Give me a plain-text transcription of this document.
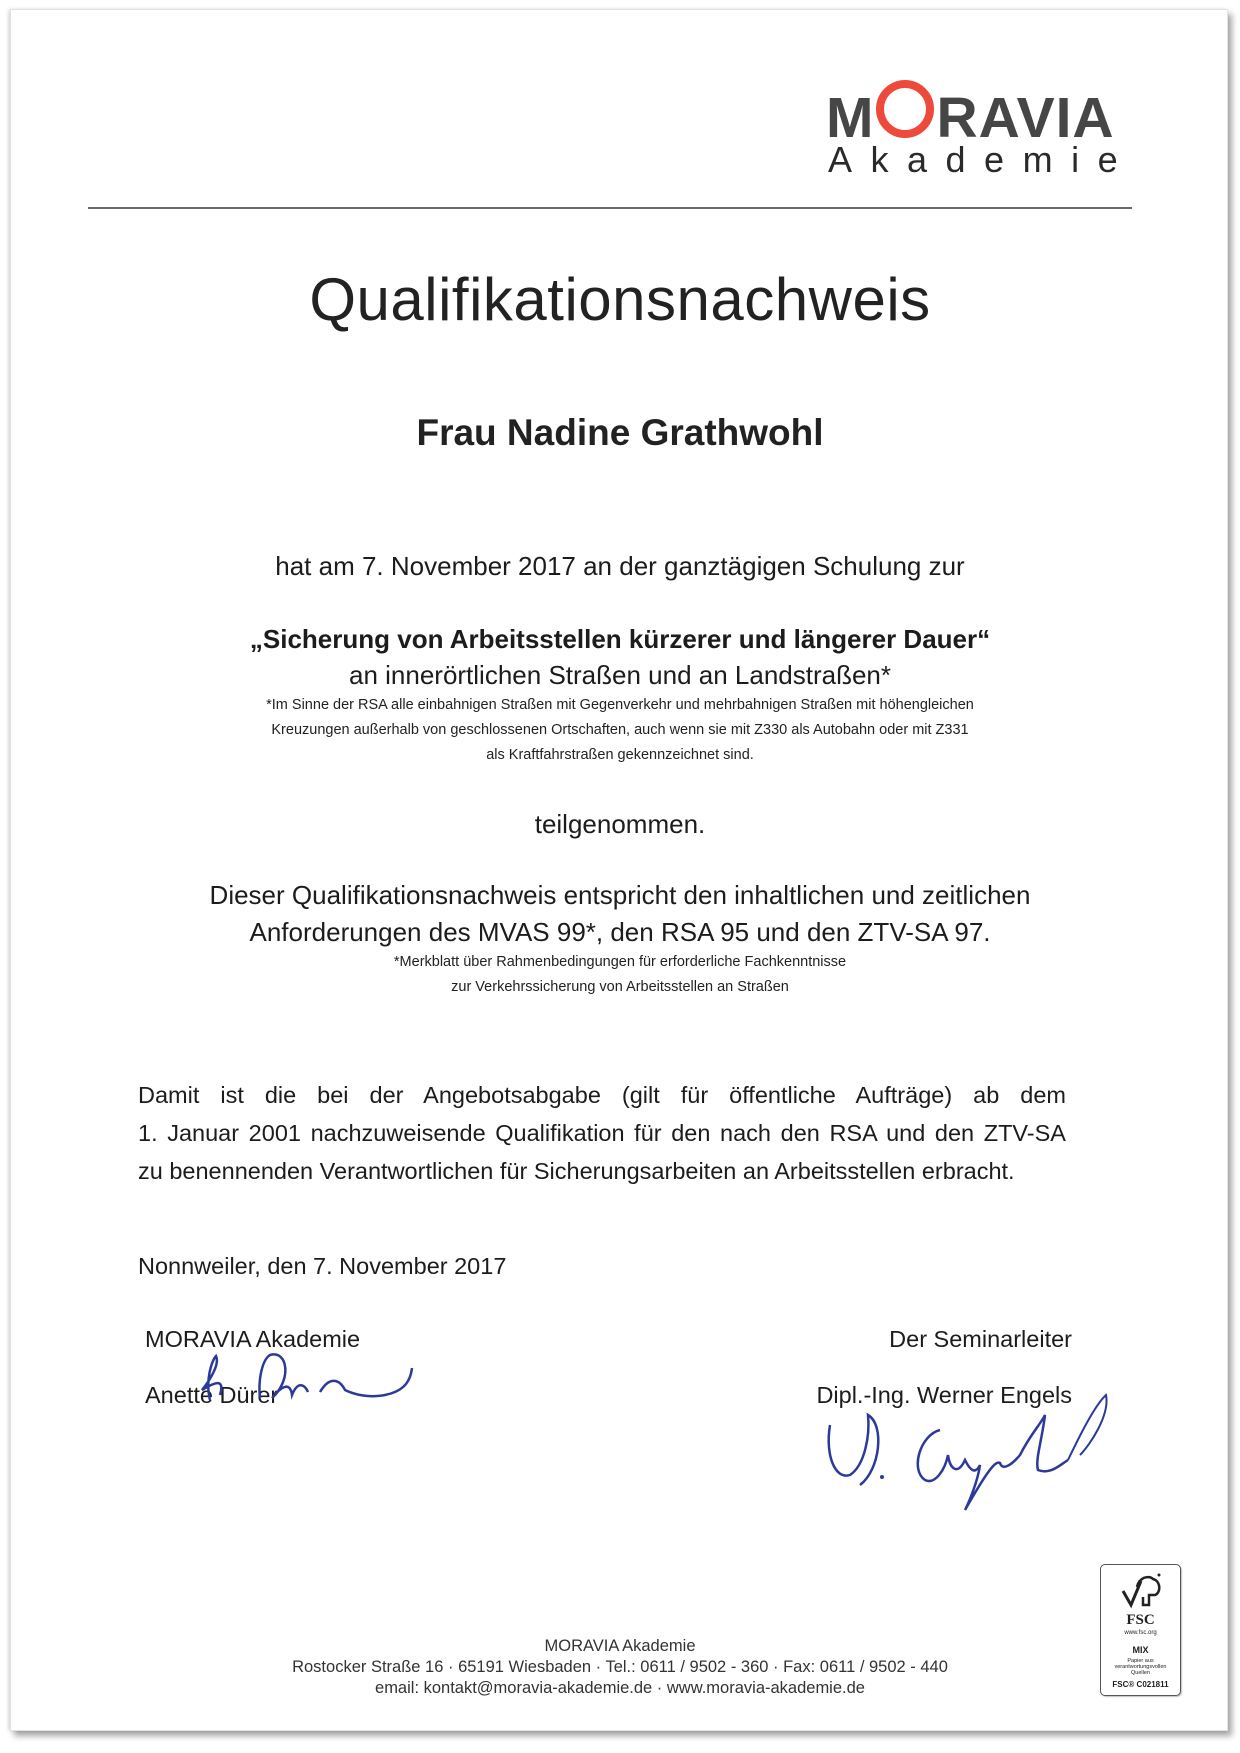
M RAVIA
Akademie
Qualifikationsnachweis
Frau Nadine Grathwohl
hat am 7. November 2017 an der ganztägigen Schulung zur
„Sicherung von Arbeitsstellen kürzerer und längerer Dauer“
an innerörtlichen Straßen und an Landstraßen*
*Im Sinne der RSA alle einbahnigen Straßen mit Gegenverkehr und mehrbahnigen Straßen mit höhengleichen
Kreuzungen außerhalb von geschlossenen Ortschaften, auch wenn sie mit Z330 als Autobahn oder mit Z331
als Kraftfahrstraßen gekennzeichnet sind.
teilgenommen.
Dieser Qualifikationsnachweis entspricht den inhaltlichen und zeitlichen
Anforderungen des MVAS 99*, den RSA 95 und den ZTV-SA 97.
*Merkblatt über Rahmenbedingungen für erforderliche Fachkenntnisse
zur Verkehrssicherung von Arbeitsstellen an Straßen
Damit ist die bei der Angebotsabgabe (gilt für öffentliche Aufträge) ab dem
1. Januar 2001 nachzuweisende Qualifikation für den nach den RSA und den ZTV-SA
zu benennenden Verantwortlichen für Sicherungsarbeiten an Arbeitsstellen erbracht.
Nonnweiler, den 7. November 2017
MORAVIA Akademie
Anette Dürer
Der Seminarleiter
Dipl.-Ing. Werner Engels
MORAVIA Akademie
Rostocker Straße 16 · 65191 Wiesbaden · Tel.: 0611 / 9502 - 360 · Fax: 0611 / 9502 - 440
email: kontakt@moravia-akademie.de · www.moravia-akademie.de
FSC
www.fsc.org
MIX
Papier aus verantwortungsvollen Quellen
FSC® C021811
